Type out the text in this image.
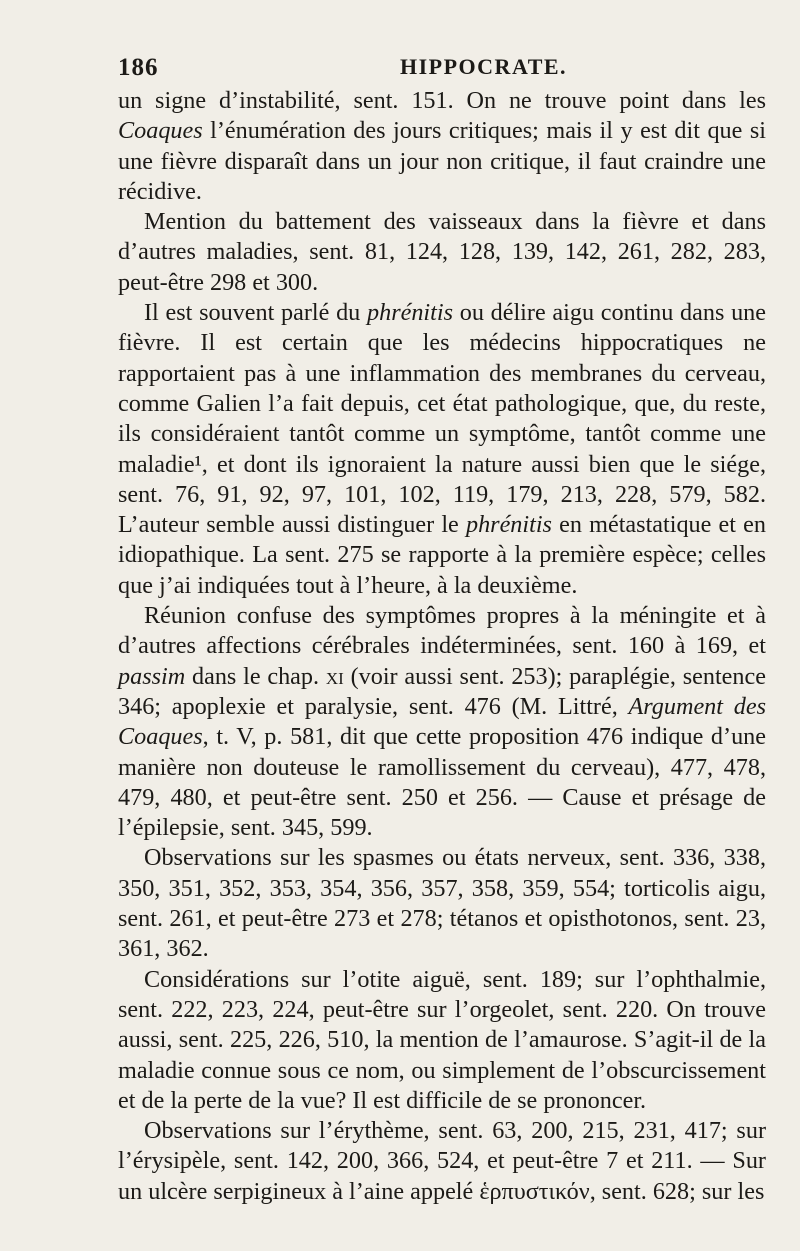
186	HIPPOCRATE.

un signe d’instabilité, sent. 151. On ne trouve point dans les Coaques l’énumération des jours critiques; mais il y est dit que si une fièvre disparaît dans un jour non critique, il faut craindre une récidive.

Mention du battement des vaisseaux dans la fièvre et dans d’autres maladies, sent. 81, 124, 128, 139, 142, 261, 282, 283, peut-être 298 et 300.

Il est souvent parlé du phrénitis ou délire aigu continu dans une fièvre. Il est certain que les médecins hippocratiques ne rapportaient pas à une inflammation des membranes du cerveau, comme Galien l’a fait depuis, cet état pathologique, que, du reste, ils considéraient tantôt comme un symptôme, tantôt comme une maladie¹, et dont ils ignoraient la nature aussi bien que le siége, sent. 76, 91, 92, 97, 101, 102, 119, 179, 213, 228, 579, 582. L’auteur semble aussi distinguer le phrénitis en métastatique et en idiopathique. La sent. 275 se rapporte à la première espèce; celles que j’ai indiquées tout à l’heure, à la deuxième.

Réunion confuse des symptômes propres à la méningite et à d’autres affections cérébrales indéterminées, sent. 160 à 169, et passim dans le chap. xi (voir aussi sent. 253); paraplégie, sentence 346; apoplexie et paralysie, sent. 476 (M. Littré, Argument des Coaques, t. V, p. 581, dit que cette proposition 476 indique d’une manière non douteuse le ramollissement du cerveau), 477, 478, 479, 480, et peut-être sent. 250 et 256. — Cause et présage de l’épilepsie, sent. 345, 599.

Observations sur les spasmes ou états nerveux, sent. 336, 338, 350, 351, 352, 353, 354, 356, 357, 358, 359, 554; torticolis aigu, sent. 261, et peut-être 273 et 278; tétanos et opisthotonos, sent. 23, 361, 362.

Considérations sur l’otite aiguë, sent. 189; sur l’ophthalmie, sent. 222, 223, 224, peut-être sur l’orgeolet, sent. 220. On trouve aussi, sent. 225, 226, 510, la mention de l’amaurose. S’agit-il de la maladie connue sous ce nom, ou simplement de l’obscurcissement et de la perte de la vue? Il est difficile de se prononcer.

Observations sur l’érythème, sent. 63, 200, 215, 231, 417; sur l’érysipèle, sent. 142, 200, 366, 524, et peut-être 7 et 211. — Sur un ulcère serpigineux à l’aine appelé ἑρπυστικόν, sent. 628; sur les
